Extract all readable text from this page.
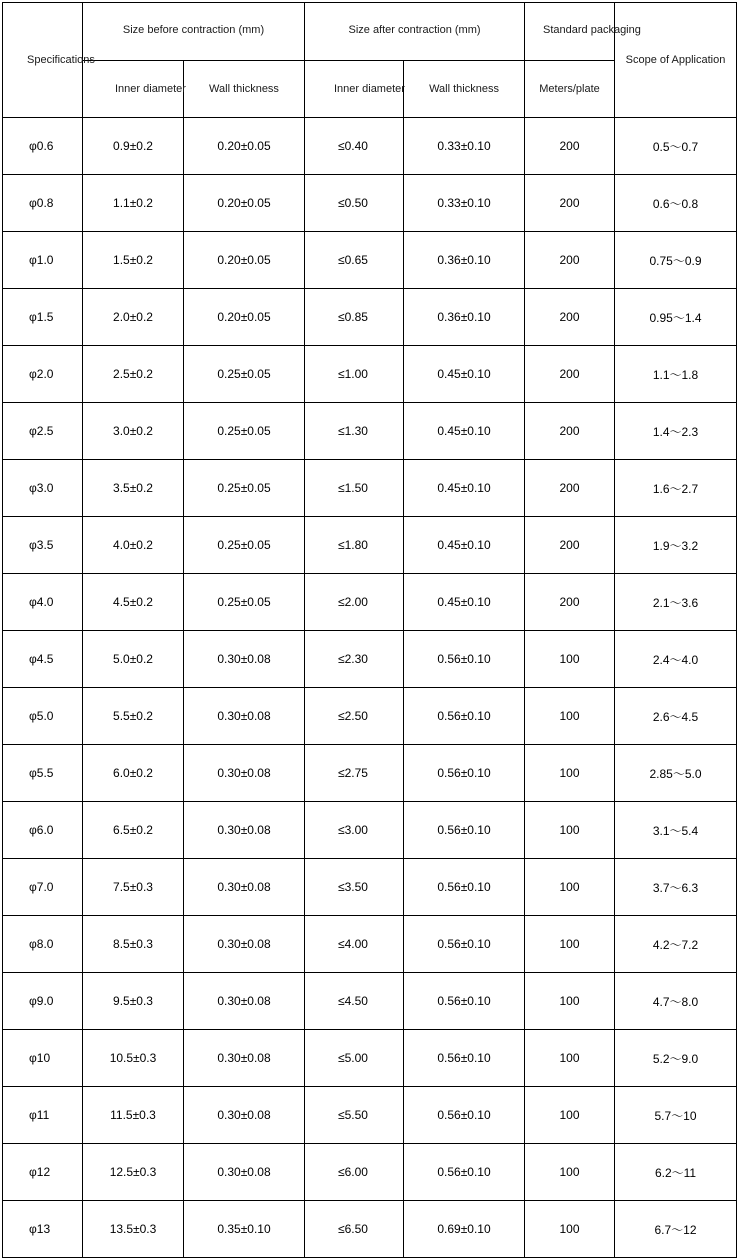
Specifications	Size before contraction (mm)		Size after contraction (mm)		Standard packaging	Scope of Application
	Inner diameter	Wall thickness	Inner diameter	Wall thickness	Meters/plate	
φ0.6	0.9±0.2	0.20±0.05	≤0.40	0.33±0.10	200	0.5～0.7
φ0.8	1.1±0.2	0.20±0.05	≤0.50	0.33±0.10	200	0.6～0.8
φ1.0	1.5±0.2	0.20±0.05	≤0.65	0.36±0.10	200	0.75～0.9
φ1.5	2.0±0.2	0.20±0.05	≤0.85	0.36±0.10	200	0.95～1.4
φ2.0	2.5±0.2	0.25±0.05	≤1.00	0.45±0.10	200	1.1～1.8
φ2.5	3.0±0.2	0.25±0.05	≤1.30	0.45±0.10	200	1.4～2.3
φ3.0	3.5±0.2	0.25±0.05	≤1.50	0.45±0.10	200	1.6～2.7
φ3.5	4.0±0.2	0.25±0.05	≤1.80	0.45±0.10	200	1.9～3.2
φ4.0	4.5±0.2	0.25±0.05	≤2.00	0.45±0.10	200	2.1～3.6
φ4.5	5.0±0.2	0.30±0.08	≤2.30	0.56±0.10	100	2.4～4.0
φ5.0	5.5±0.2	0.30±0.08	≤2.50	0.56±0.10	100	2.6～4.5
φ5.5	6.0±0.2	0.30±0.08	≤2.75	0.56±0.10	100	2.85～5.0
φ6.0	6.5±0.2	0.30±0.08	≤3.00	0.56±0.10	100	3.1～5.4
φ7.0	7.5±0.3	0.30±0.08	≤3.50	0.56±0.10	100	3.7～6.3
φ8.0	8.5±0.3	0.30±0.08	≤4.00	0.56±0.10	100	4.2～7.2
φ9.0	9.5±0.3	0.30±0.08	≤4.50	0.56±0.10	100	4.7～8.0
φ10	10.5±0.3	0.30±0.08	≤5.00	0.56±0.10	100	5.2～9.0
φ11	11.5±0.3	0.30±0.08	≤5.50	0.56±0.10	100	5.7～10
φ12	12.5±0.3	0.30±0.08	≤6.00	0.56±0.10	100	6.2～11
φ13	13.5±0.3	0.35±0.10	≤6.50	0.69±0.10	100	6.7～12
